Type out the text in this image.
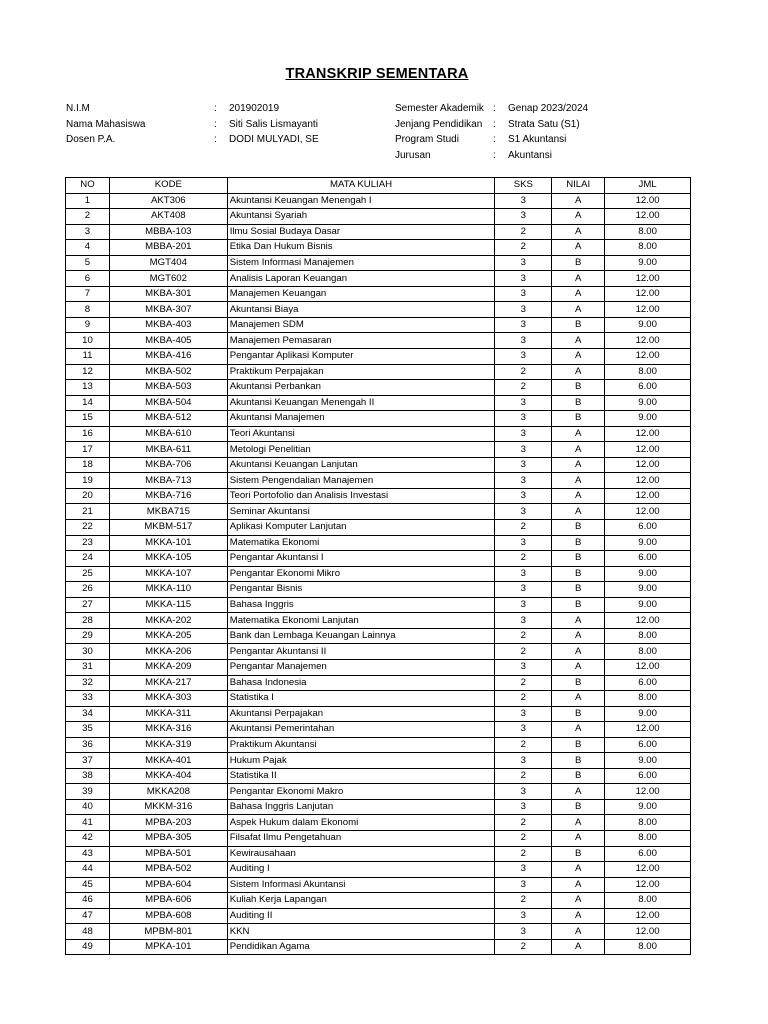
TRANSKRIP SEMENTARA
N.I.M	:	201902019
Nama Mahasiswa	:	Siti Salis Lismayanti
Dosen P.A.	:	DODI MULYADI, SE
Semester Akademik :	Genap 2023/2024
Jenjang Pendidikan	:	Strata Satu (S1)
Program Studi	:	S1 Akuntansi
Jurusan	:	Akuntansi
NO	KODE	MATA KULIAH	SKS	NILAI	JML
1	AKT306	Akuntansi Keuangan Menengah I	3	A	12.00
2	AKT408	Akuntansi Syariah	3	A	12.00
3	MBBA-103	Ilmu Sosial Budaya Dasar	2	A	8.00
4	MBBA-201	Etika Dan Hukum Bisnis	2	A	8.00
5	MGT404	Sistem Informasi Manajemen	3	B	9.00
6	MGT602	Analisis Laporan Keuangan	3	A	12.00
7	MKBA-301	Manajemen Keuangan	3	A	12.00
8	MKBA-307	Akuntansi Biaya	3	A	12.00
9	MKBA-403	Manajemen SDM	3	B	9.00
10	MKBA-405	Manajemen Pemasaran	3	A	12.00
11	MKBA-416	Pengantar Aplikasi Komputer	3	A	12.00
12	MKBA-502	Praktikum Perpajakan	2	A	8.00
13	MKBA-503	Akuntansi Perbankan	2	B	6.00
14	MKBA-504	Akuntansi Keuangan Menengah II	3	B	9.00
15	MKBA-512	Akuntansi Manajemen	3	B	9.00
16	MKBA-610	Teori Akuntansi	3	A	12.00
17	MKBA-611	Metologi Penelitian	3	A	12.00
18	MKBA-706	Akuntansi Keuangan Lanjutan	3	A	12.00
19	MKBA-713	Sistem Pengendalian Manajemen	3	A	12.00
20	MKBA-716	Teori Portofolio dan Analisis Investasi	3	A	12.00
21	MKBA715	Seminar Akuntansi	3	A	12.00
22	MKBM-517	Aplikasi Komputer Lanjutan	2	B	6.00
23	MKKA-101	Matematika Ekonomi	3	B	9.00
24	MKKA-105	Pengantar Akuntansi I	2	B	6.00
25	MKKA-107	Pengantar Ekonomi Mikro	3	B	9.00
26	MKKA-110	Pengantar Bisnis	3	B	9.00
27	MKKA-115	Bahasa Inggris	3	B	9.00
28	MKKA-202	Matematika Ekonomi Lanjutan	3	A	12.00
29	MKKA-205	Bank dan Lembaga Keuangan Lainnya	2	A	8.00
30	MKKA-206	Pengantar Akuntansi II	2	A	8.00
31	MKKA-209	Pengantar Manajemen	3	A	12.00
32	MKKA-217	Bahasa Indonesia	2	B	6.00
33	MKKA-303	Statistika I	2	A	8.00
34	MKKA-311	Akuntansi Perpajakan	3	B	9.00
35	MKKA-316	Akuntansi Pemerintahan	3	A	12.00
36	MKKA-319	Praktikum Akuntansi	2	B	6.00
37	MKKA-401	Hukum Pajak	3	B	9.00
38	MKKA-404	Statistika II	2	B	6.00
39	MKKA208	Pengantar Ekonomi Makro	3	A	12.00
40	MKKM-316	Bahasa Inggris Lanjutan	3	B	9.00
41	MPBA-203	Aspek Hukum dalam Ekonomi	2	A	8.00
42	MPBA-305	Filsafat Ilmu Pengetahuan	2	A	8.00
43	MPBA-501	Kewirausahaan	2	B	6.00
44	MPBA-502	Auditing I	3	A	12.00
45	MPBA-604	Sistem Informasi Akuntansi	3	A	12.00
46	MPBA-606	Kuliah Kerja Lapangan	2	A	8.00
47	MPBA-608	Auditing II	3	A	12.00
48	MPBM-801	KKN	3	A	12.00
49	MPKA-101	Pendidikan Agama	2	A	8.00
